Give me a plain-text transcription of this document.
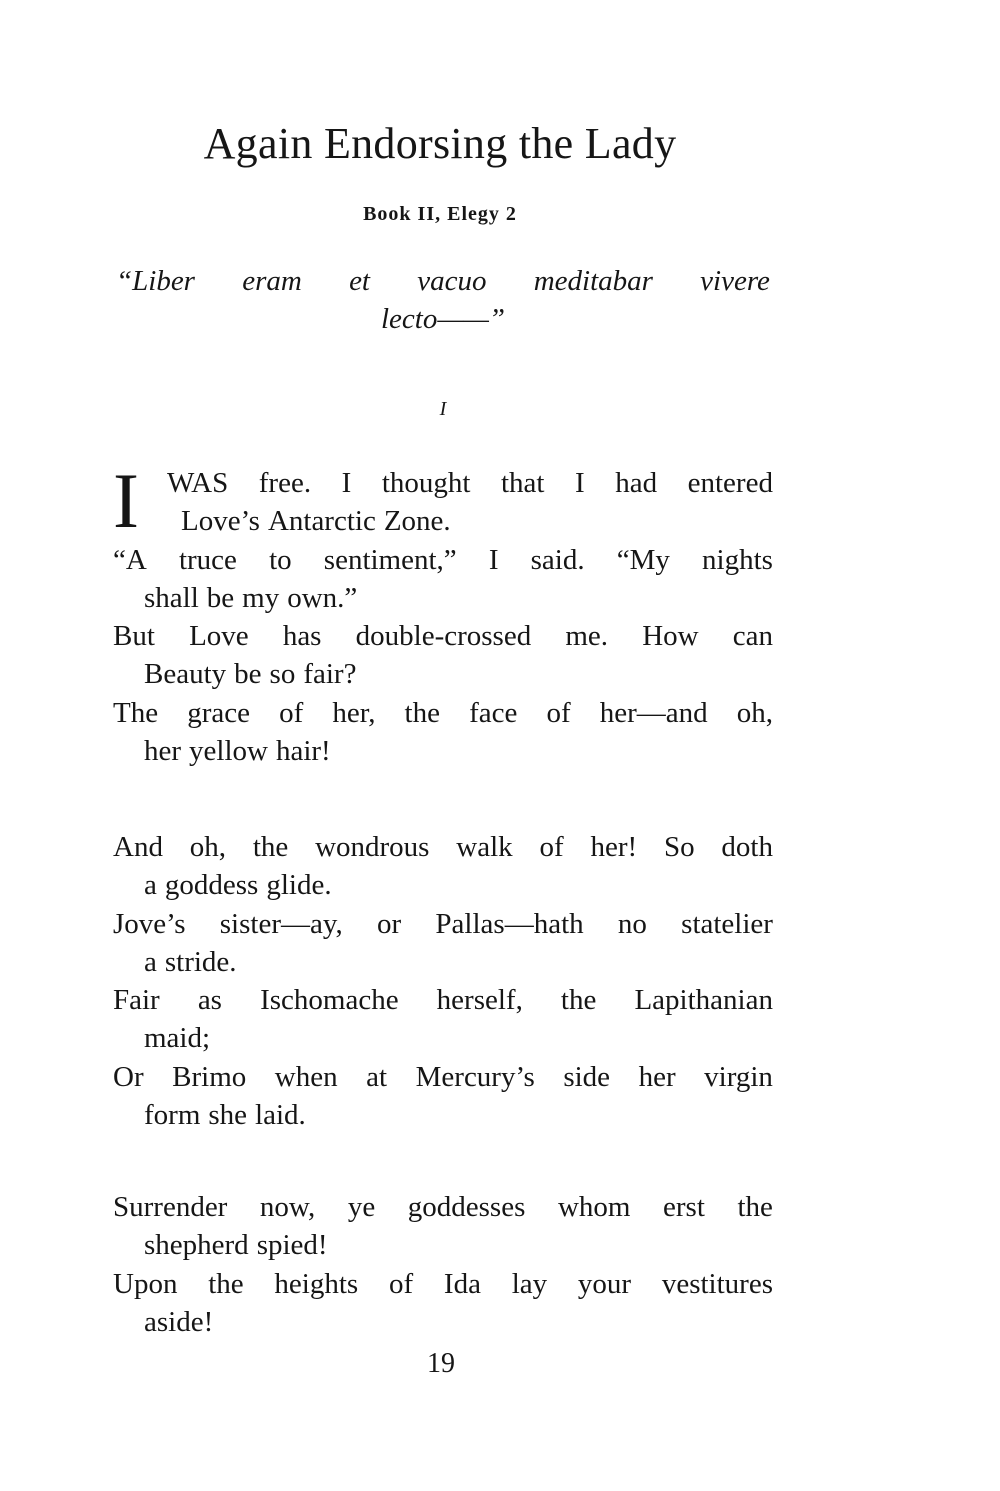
Again Endorsing the Lady
Book II, Elegy 2
“Liber eram et vacuo meditabar vivere
lecto——”
I
I WAS free. I thought that I had entered
Love’s Antarctic Zone.
“A truce to sentiment,” I said. “My nights
shall be my own.”
But Love has double-crossed me. How can
Beauty be so fair?
The grace of her, the face of her—and oh,
her yellow hair!
And oh, the wondrous walk of her! So doth
a goddess glide.
Jove’s sister—ay, or Pallas—hath no statelier
a stride.
Fair as Ischomache herself, the Lapithanian
maid;
Or Brimo when at Mercury’s side her virgin
form she laid.
Surrender now, ye goddesses whom erst the
shepherd spied!
Upon the heights of Ida lay your vestitures
aside!
19
